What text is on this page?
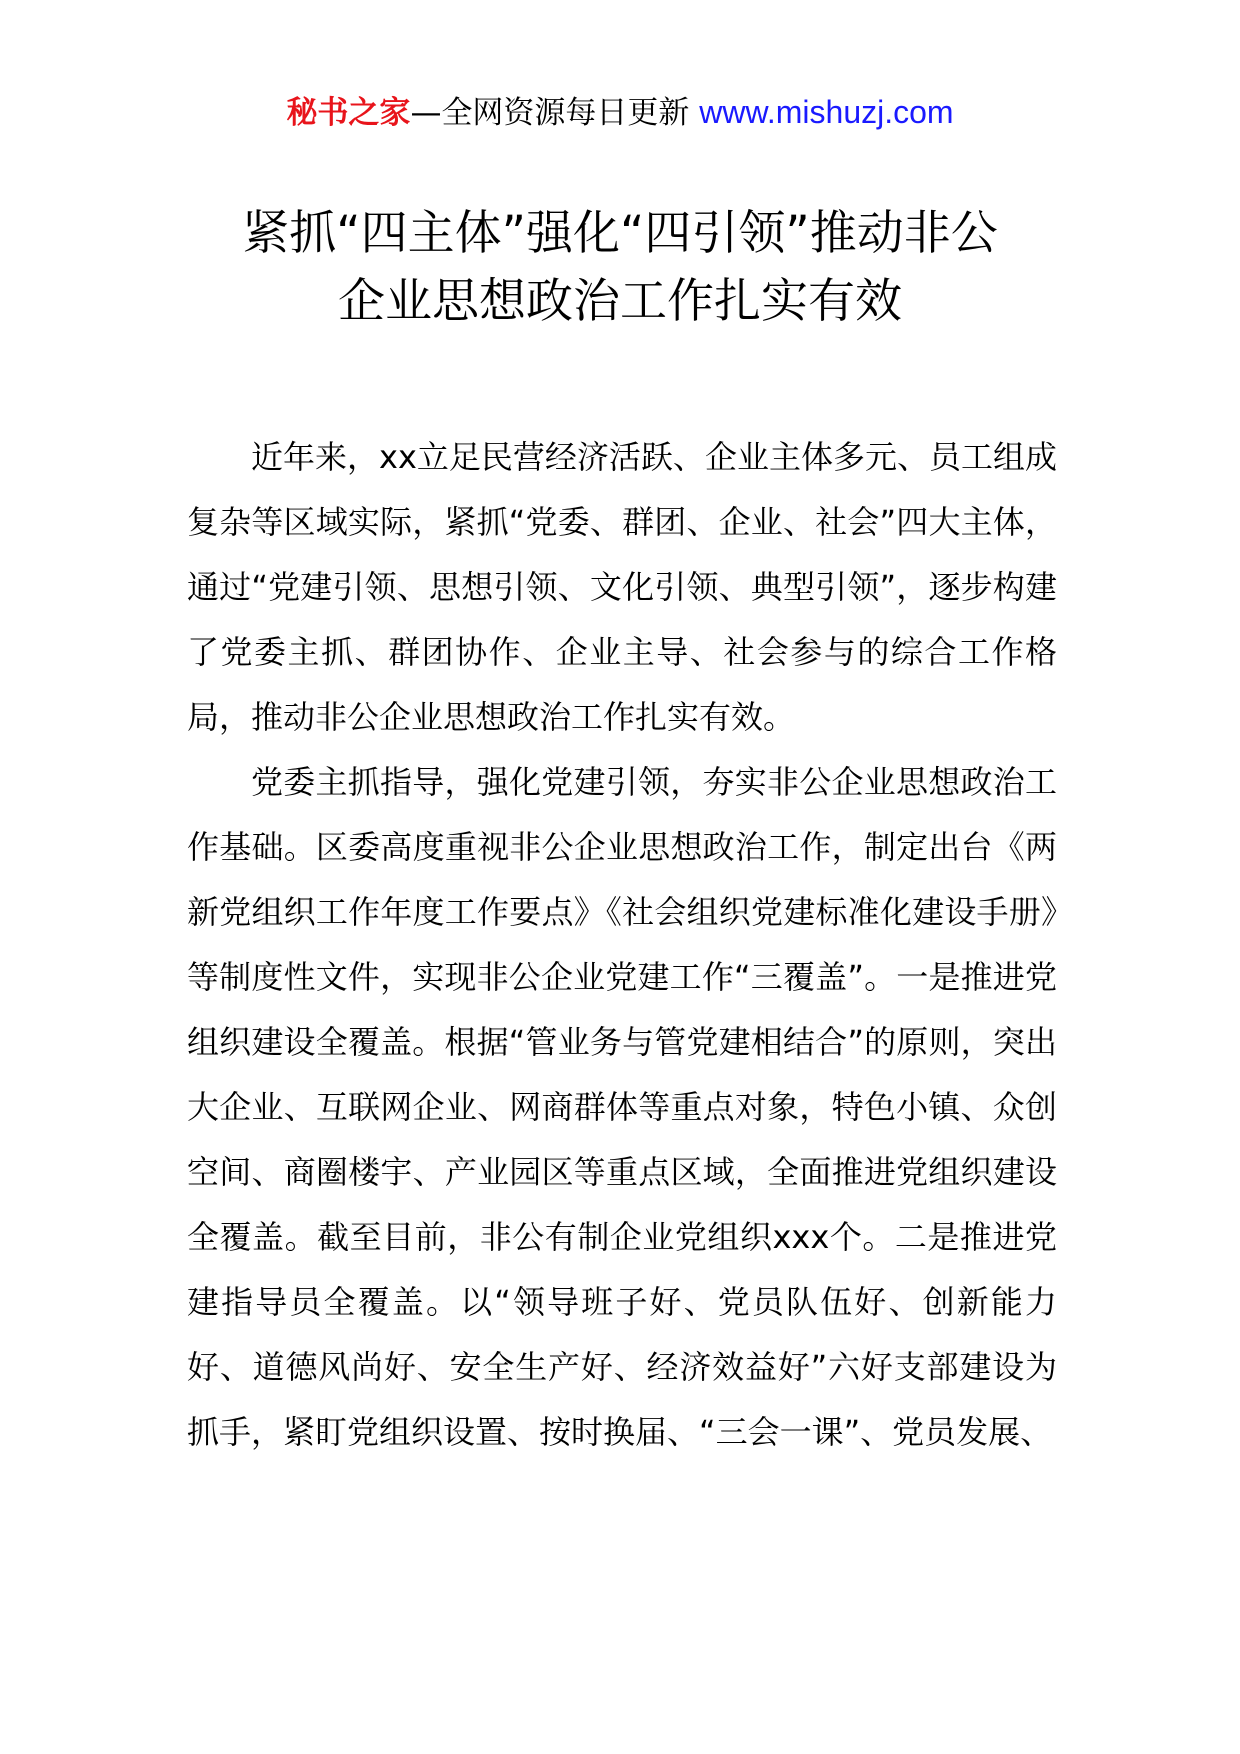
秘书之家—全网资源每日更新 www.mishuzj.com
紧抓“四主体”强化“四引领”推动非公
企业思想政治工作扎实有效

近年来，xx立足民营经济活跃、企业主体多元、员工组成复杂等区域实际，紧抓“党委、群团、企业、社会”四大主体，通过“党建引领、思想引领、文化引领、典型引领”，逐步构建了党委主抓、群团协作、企业主导、社会参与的综合工作格局，推动非公企业思想政治工作扎实有效。

党委主抓指导，强化党建引领，夯实非公企业思想政治工作基础。区委高度重视非公企业思想政治工作，制定出台《两新党组织工作年度工作要点》《社会组织党建标准化建设手册》等制度性文件，实现非公企业党建工作“三覆盖”。一是推进党组织建设全覆盖。根据“管业务与管党建相结合”的原则，突出大企业、互联网企业、网商群体等重点对象，特色小镇、众创空间、商圈楼宇、产业园区等重点区域，全面推进党组织建设全覆盖。截至目前，非公有制企业党组织xxx个。二是推进党建指导员全覆盖。以“领导班子好、党员队伍好、创新能力好、道德风尚好、安全生产好、经济效益好”六好支部建设为抓手，紧盯党组织设置、按时换届、“三会一课”、党员发展、
